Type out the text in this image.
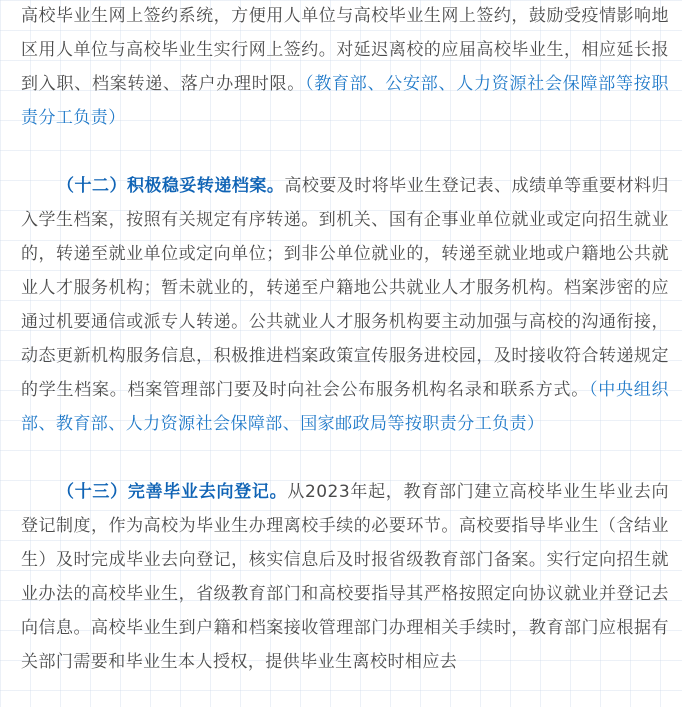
高校毕业生网上签约系统，方便用人单位与高校毕业生网上签约，鼓励受疫情影响地区用人单位与高校毕业生实行网上签约。对延迟离校的应届高校毕业生，相应延长报到入职、档案转递、落户办理时限。（教育部、公安部、人力资源社会保障部等按职责分工负责）

（十二）积极稳妥转递档案。高校要及时将毕业生登记表、成绩单等重要材料归入学生档案，按照有关规定有序转递。到机关、国有企事业单位就业或定向招生就业的，转递至就业单位或定向单位；到非公单位就业的，转递至就业地或户籍地公共就业人才服务机构；暂未就业的，转递至户籍地公共就业人才服务机构。档案涉密的应通过机要通信或派专人转递。公共就业人才服务机构要主动加强与高校的沟通衔接，动态更新机构服务信息，积极推进档案政策宣传服务进校园，及时接收符合转递规定的学生档案。档案管理部门要及时向社会公布服务机构名录和联系方式。（中央组织部、教育部、人力资源社会保障部、国家邮政局等按职责分工负责）

（十三）完善毕业去向登记。从2023年起，教育部门建立高校毕业生毕业去向登记制度，作为高校为毕业生办理离校手续的必要环节。高校要指导毕业生（含结业生）及时完成毕业去向登记，核实信息后及时报省级教育部门备案。实行定向招生就业办法的高校毕业生，省级教育部门和高校要指导其严格按照定向协议就业并登记去向信息。高校毕业生到户籍和档案接收管理部门办理相关手续时，教育部门应根据有关部门需要和毕业生本人授权，提供毕业生离校时相应去
